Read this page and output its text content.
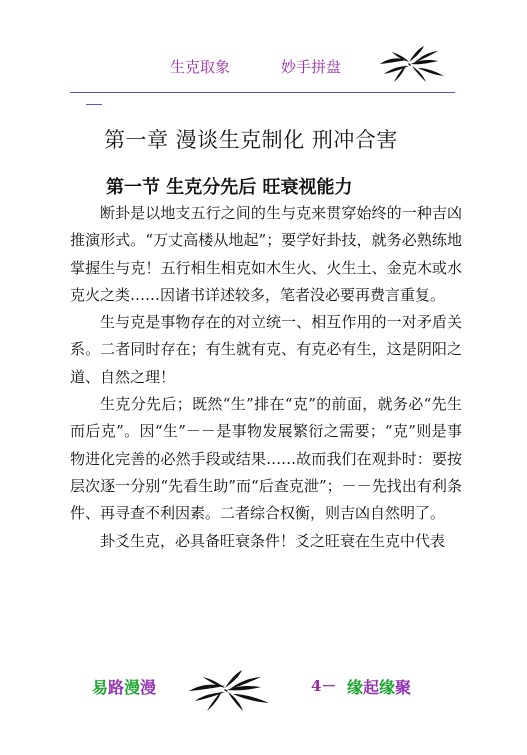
生克取象	妙手拼盘
第一章 漫谈生克制化 刑冲合害
第一节 生克分先后 旺衰视能力

断卦是以地支五行之间的生与克来贯穿始终的一种吉凶推演形式。“万丈高楼从地起”；要学好卦技，就务必熟练地掌握生与克！五行相生相克如木生火、火生土、金克木或水克火之类……因诸书详述较多，笔者没必要再费言重复。

生与克是事物存在的对立统一、相互作用的一对矛盾关系。二者同时存在；有生就有克、有克必有生，这是阴阳之道、自然之理！

生克分先后；既然“生”排在“克”的前面，就务必“先生而后克”。因“生”－－是事物发展繁衍之需要；“克”则是事物进化完善的必然手段或结果……故而我们在观卦时：要按层次逐一分别“先看生助”而“后查克泄”；－－先找出有利条件、再寻查不利因素。二者综合权衡，则吉凶自然明了。

卦爻生克，必具备旺衰条件！爻之旺衰在生克中代表

易路漫漫	4－ 缘起缘聚
